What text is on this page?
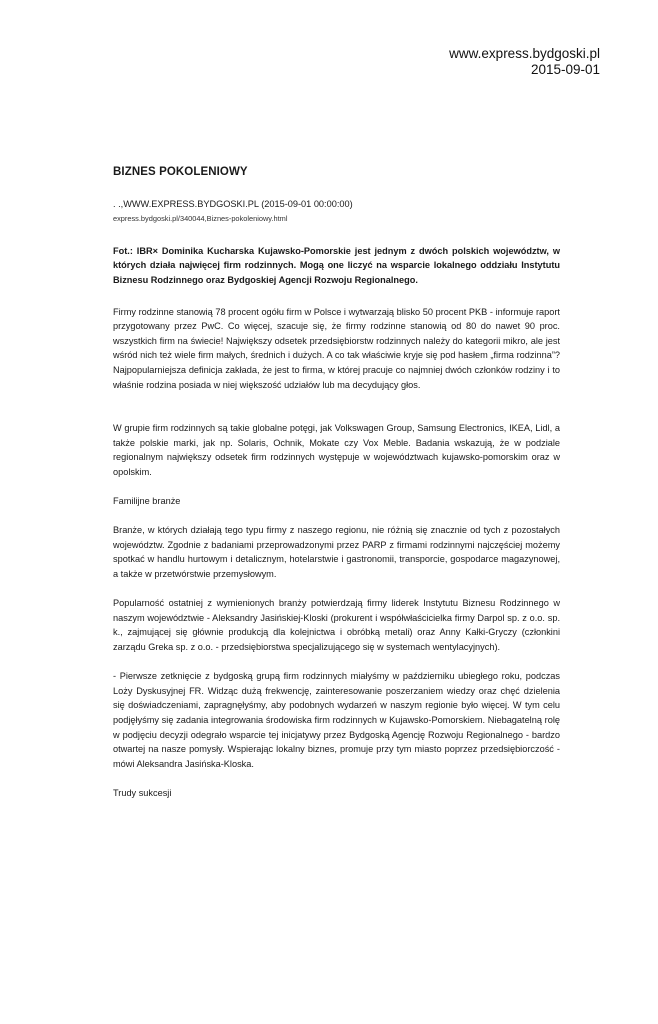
www.express.bydgoski.pl
2015-09-01
BIZNES POKOLENIOWY
. .,WWW.EXPRESS.BYDGOSKI.PL (2015-09-01 00:00:00)
express.bydgoski.pl/340044,Biznes-pokoleniowy.html
Fot.: IBR× Dominika Kucharska Kujawsko-Pomorskie jest jednym z dwóch polskich województw, w których działa najwięcej firm rodzinnych. Mogą one liczyć na wsparcie lokalnego oddziału Instytutu Biznesu Rodzinnego oraz Bydgoskiej Agencji Rozwoju Regionalnego.
Firmy rodzinne stanowią 78 procent ogółu firm w Polsce i wytwarzają blisko 50 procent PKB - informuje raport przygotowany przez PwC. Co więcej, szacuje się, że firmy rodzinne stanowią od 80 do nawet 90 proc. wszystkich firm na świecie! Największy odsetek przedsiębiorstw rodzinnych należy do kategorii mikro, ale jest wśród nich też wiele firm małych, średnich i dużych. A co tak właściwie kryje się pod hasłem „firma rodzinna”? Najpopularniejsza definicja zakłada, że jest to firma, w której pracuje co najmniej dwóch członków rodziny i to właśnie rodzina posiada w niej większość udziałów lub ma decydujący głos.
W grupie firm rodzinnych są takie globalne potęgi, jak Volkswagen Group, Samsung Electronics, IKEA, Lidl, a także polskie marki, jak np. Solaris, Ochnik, Mokate czy Vox Meble. Badania wskazują, że w podziale regionalnym największy odsetek firm rodzinnych występuje w województwach kujawsko-pomorskim oraz w opolskim.
Familijne branże
Branże, w których działają tego typu firmy z naszego regionu, nie różnią się znacznie od tych z pozostałych województw. Zgodnie z badaniami przeprowadzonymi przez PARP z firmami rodzinnymi najczęściej możemy spotkać w handlu hurtowym i detalicznym, hotelarstwie i gastronomii, transporcie, gospodarce magazynowej, a także w przetwórstwie przemysłowym.
Popularność ostatniej z wymienionych branży potwierdzają firmy liderek Instytutu Biznesu Rodzinnego w naszym województwie - Aleksandry Jasińskiej-Kloski (prokurent i współwłaścicielka firmy Darpol sp. z o.o. sp. k., zajmującej się głównie produkcją dla kolejnictwa i obróbką metali) oraz Anny Kałki-Gryczy (członkini zarządu Greka sp. z o.o. - przedsiębiorstwa specjalizującego się w systemach wentylacyjnych).
- Pierwsze zetknięcie z bydgoską grupą firm rodzinnych miałyśmy w październiku ubiegłego roku, podczas Loży Dyskusyjnej FR. Widząc dużą frekwencję, zainteresowanie poszerzaniem wiedzy oraz chęć dzielenia się doświadczeniami, zapragnęłyśmy, aby podobnych wydarzeń w naszym regionie było więcej. W tym celu podjęłyśmy się zadania integrowania środowiska firm rodzinnych w Kujawsko-Pomorskiem. Niebagatelną rolę w podjęciu decyzji odegrało wsparcie tej inicjatywy przez Bydgoską Agencję Rozwoju Regionalnego - bardzo otwartej na nasze pomysły. Wspierając lokalny biznes, promuje przy tym miasto poprzez przedsiębiorczość - mówi Aleksandra Jasińska-Kloska.
Trudy sukcesji
